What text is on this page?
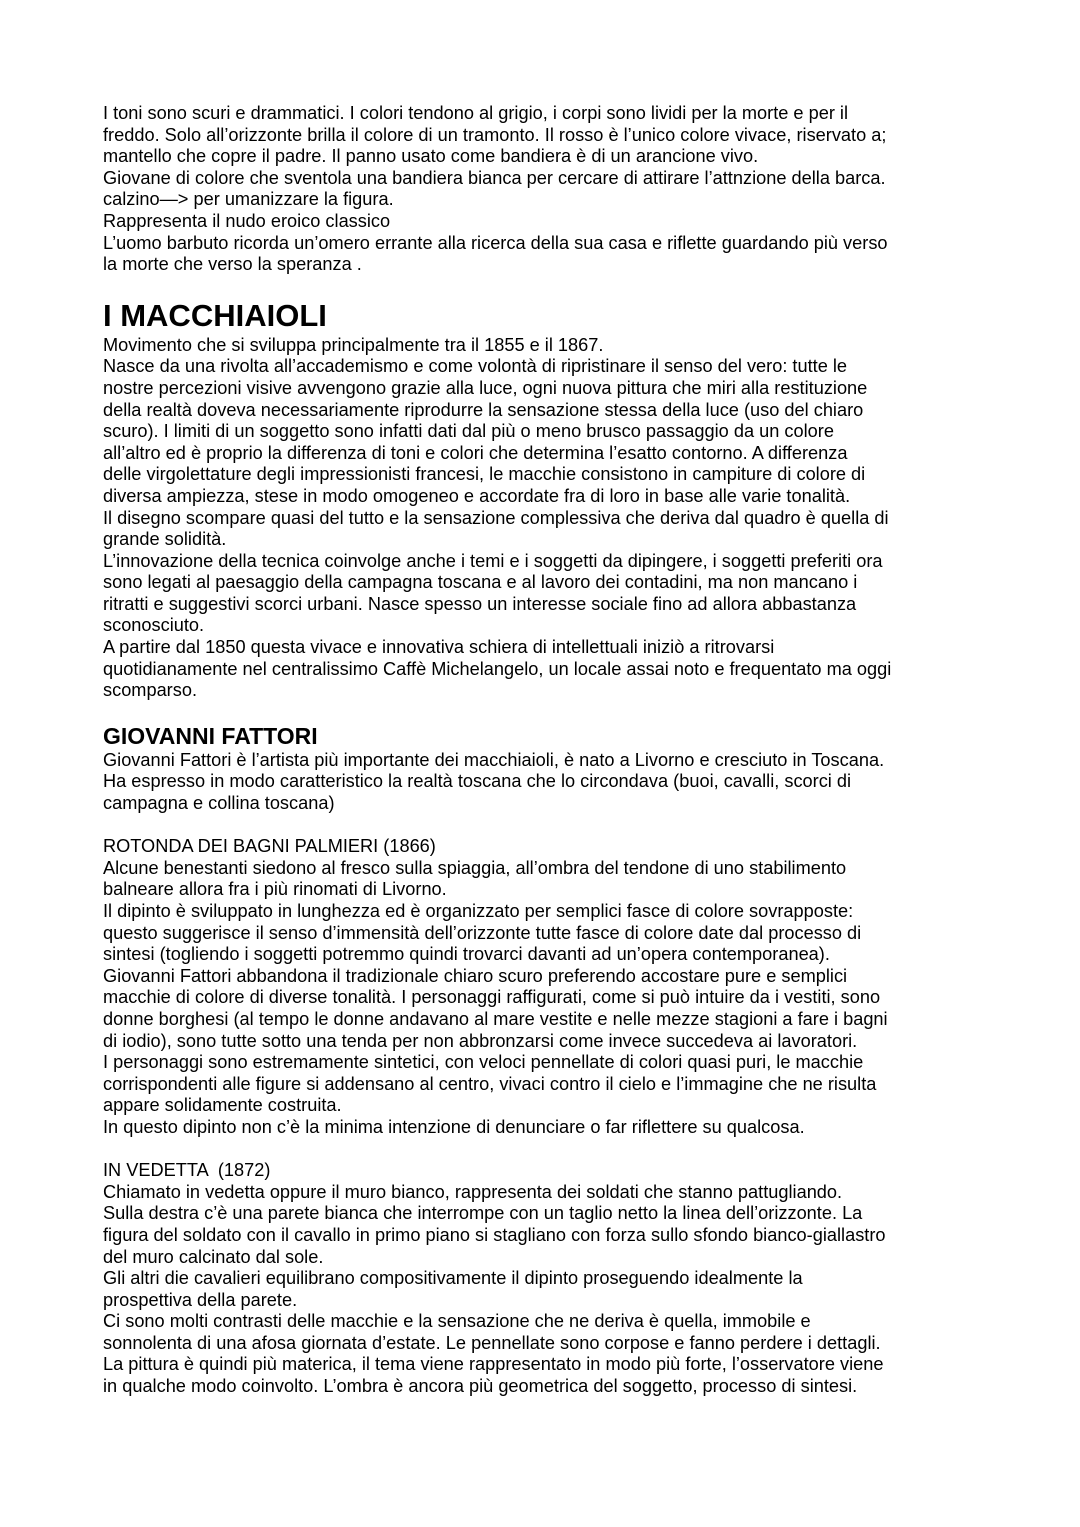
I toni sono scuri e drammatici. I colori tendono al grigio, i corpi sono lividi per la morte e per il
freddo. Solo all’orizzonte brilla il colore di un tramonto. Il rosso è l’unico colore vivace, riservato a;
mantello che copre il padre. Il panno usato come bandiera è di un arancione vivo.
Giovane di colore che sventola una bandiera bianca per cercare di attirare l’attnzione della barca.
calzino—> per umanizzare la figura.
Rappresenta il nudo eroico classico
L’uomo barbuto ricorda un’omero errante alla ricerca della sua casa e riflette guardando più verso
la morte che verso la speranza .
I MACCHIAIOLI
Movimento che si sviluppa principalmente tra il 1855 e il 1867.
Nasce da una rivolta all’accademismo e come volontà di ripristinare il senso del vero: tutte le
nostre percezioni visive avvengono grazie alla luce, ogni nuova pittura che miri alla restituzione
della realtà doveva necessariamente riprodurre la sensazione stessa della luce (uso del chiaro
scuro). I limiti di un soggetto sono infatti dati dal più o meno brusco passaggio da un colore
all’altro ed è proprio la differenza di toni e colori che determina l’esatto contorno. A differenza
delle virgolettature degli impressionisti francesi, le macchie consistono in campiture di colore di
diversa ampiezza, stese in modo omogeneo e accordate fra di loro in base alle varie tonalità.
Il disegno scompare quasi del tutto e la sensazione complessiva che deriva dal quadro è quella di
grande solidità.
L’innovazione della tecnica coinvolge anche i temi e i soggetti da dipingere, i soggetti preferiti ora
sono legati al paesaggio della campagna toscana e al lavoro dei contadini, ma non mancano i
ritratti e suggestivi scorci urbani. Nasce spesso un interesse sociale fino ad allora abbastanza
sconosciuto.
A partire dal 1850 questa vivace e innovativa schiera di intellettuali iniziò a ritrovarsi
quotidianamente nel centralissimo Caffè Michelangelo, un locale assai noto e frequentato ma oggi
scomparso.
GIOVANNI FATTORI
Giovanni Fattori è l’artista più importante dei macchiaioli, è nato a Livorno e cresciuto in Toscana.
Ha espresso in modo caratteristico la realtà toscana che lo circondava (buoi, cavalli, scorci di
campagna e collina toscana)
ROTONDA DEI BAGNI PALMIERI (1866)
Alcune benestanti siedono al fresco sulla spiaggia, all’ombra del tendone di uno stabilimento
balneare allora fra i più rinomati di Livorno.
Il dipinto è sviluppato in lunghezza ed è organizzato per semplici fasce di colore sovrapposte:
questo suggerisce il senso d’immensità dell’orizzonte tutte fasce di colore date dal processo di
sintesi (togliendo i soggetti potremmo quindi trovarci davanti ad un’opera contemporanea).
Giovanni Fattori abbandona il tradizionale chiaro scuro preferendo accostare pure e semplici
macchie di colore di diverse tonalità. I personaggi raffigurati, come si può intuire da i vestiti, sono
donne borghesi (al tempo le donne andavano al mare vestite e nelle mezze stagioni a fare i bagni
di iodio), sono tutte sotto una tenda per non abbronzarsi come invece succedeva ai lavoratori.
I personaggi sono estremamente sintetici, con veloci pennellate di colori quasi puri, le macchie
corrispondenti alle figure si addensano al centro, vivaci contro il cielo e l’immagine che ne risulta
appare solidamente costruita.
In questo dipinto non c’è la minima intenzione di denunciare o far riflettere su qualcosa.
IN VEDETTA  (1872)
Chiamato in vedetta oppure il muro bianco, rappresenta dei soldati che stanno pattugliando.
Sulla destra c’è una parete bianca che interrompe con un taglio netto la linea dell’orizzonte. La
figura del soldato con il cavallo in primo piano si stagliano con forza sullo sfondo bianco-giallastro
del muro calcinato dal sole.
Gli altri die cavalieri equilibrano compositivamente il dipinto proseguendo idealmente la
prospettiva della parete.
Ci sono molti contrasti delle macchie e la sensazione che ne deriva è quella, immobile e
sonnolenta di una afosa giornata d’estate. Le pennellate sono corpose e fanno perdere i dettagli.
La pittura è quindi più materica, il tema viene rappresentato in modo più forte, l’osservatore viene
in qualche modo coinvolto. L’ombra è ancora più geometrica del soggetto, processo di sintesi.
